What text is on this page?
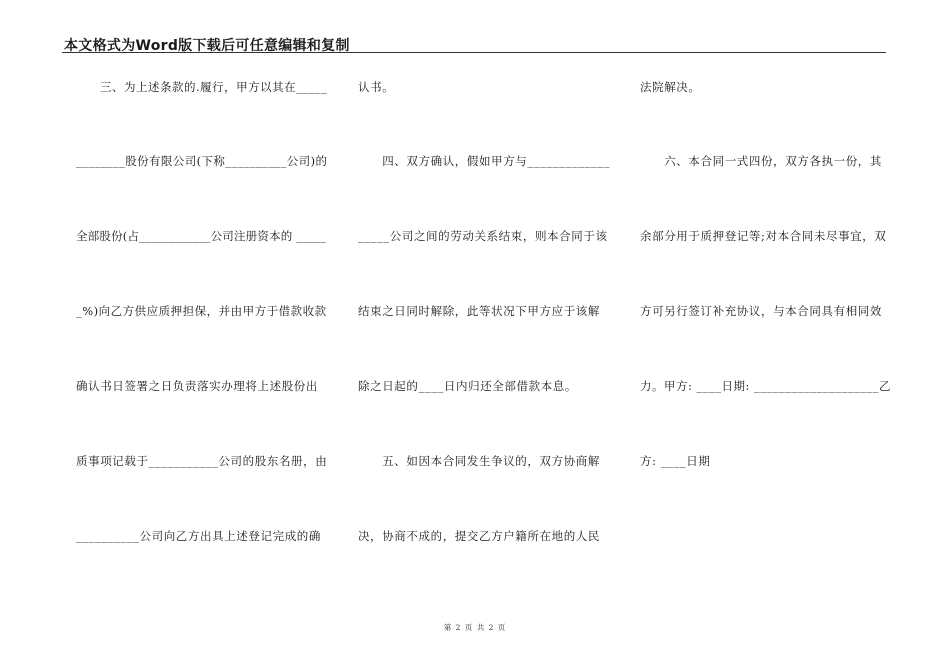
本文格式为Word版下载后可任意编辑和复制
　　三、为上述条款的.履行，甲方以其在_____
________股份有限公司(下称__________公司)的
全部股份(占____________公司注册资本的 _____
_%)向乙方供应质押担保，并由甲方于借款收款
确认书日签署之日负责落实办理将上述股份出
质事项记载于___________公司的股东名册，由
__________公司向乙方出具上述登记完成的确
认书。
　　四、双方确认，假如甲方与_____________
_____公司之间的劳动关系结束，则本合同于该
结束之日同时解除，此等状况下甲方应于该解
除之日起的____日内归还全部借款本息。
　　五、如因本合同发生争议的，双方协商解
决，协商不成的，提交乙方户籍所在地的人民
法院解决。
　　六、本合同一式四份，双方各执一份，其
余部分用于质押登记等;对本合同未尽事宜，双
方可另行签订补充协议，与本合同具有相同效
力。甲方: ____日期: ____________________乙
方: ____日期
第 2 页 共 2 页
